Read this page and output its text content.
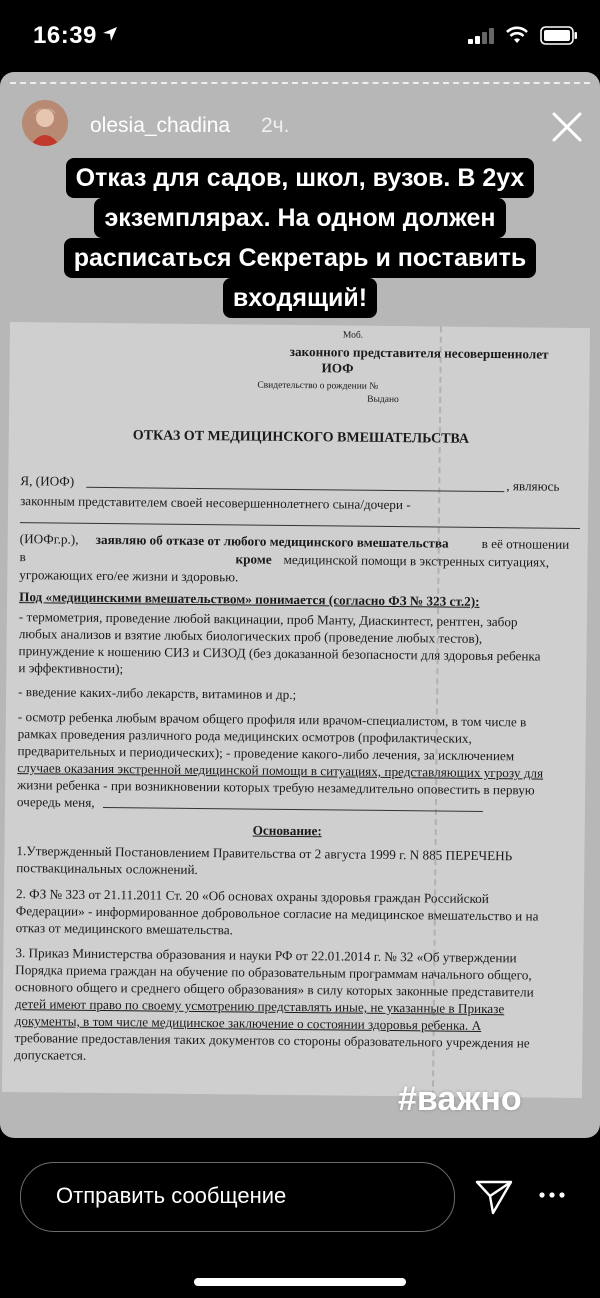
16:39
olesia_chadina 2ч.
Отказ для садов, школ, вузов. В 2ух
экземплярах. На одном должен
расписаться Секретарь и поставить
входящий!
Моб.
законного представителя несовершеннолет
ИОФ
Свидетельство о рождении №
Выдано
ОТКАЗ ОТ МЕДИЦИНСКОГО ВМЕШАТЕЛЬСТВА
Я, (ИОФ)	, являюсь
законным представителем своей несовершеннолетнего сына/дочери -
(ИОФг.р.), заявляю об отказе от любого медицинского вмешательства в её отношении
в	кроме медицинской помощи в экстренных ситуациях,
угрожающих его/ее жизни и здоровью.
Под «медицинскими вмешательством» понимается (согласно ФЗ № 323 ст.2):
- термометрия, проведение любой вакцинации, проб Манту, Диаскинтест, рентген, забор
любых анализов и взятие любых биологических проб (проведение любых тестов),
принуждение к ношению СИЗ и СИЗОД (без доказанной безопасности для здоровья ребенка
и эффективности);
- введение каких-либо лекарств, витаминов и др.;
- осмотр ребенка любым врачом общего профиля или врачом-специалистом, в том числе в
рамках проведения различного рода медицинских осмотров (профилактических,
предварительных и периодических); - проведение какого-либо лечения, за исключением
случаев оказания экстренной медицинской помощи в ситуациях, представляющих угрозу для
жизни ребенка - при возникновении которых требую незамедлительно оповестить в первую
очередь меня,
Основание:
1.Утвержденный Постановлением Правительства от 2 августа 1999 г. N 885 ПЕРЕЧЕНЬ
поствакцинальных осложнений.
2. ФЗ № 323 от 21.11.2011 Ст. 20 «Об основах охраны здоровья граждан Российской
Федерации» - информированное добровольное согласие на медицинское вмешательство и на
отказ от медицинского вмешательства.
3. Приказ Министерства образования и науки РФ от 22.01.2014 г. № 32 «Об утверждении
Порядка приема граждан на обучение по образовательным программам начального общего,
основного общего и среднего общего образования» в силу которых законные представители
детей имеют право по своему усмотрению представлять иные, не указанные в Приказе
документы, в том числе медицинское заключение о состоянии здоровья ребенка. А
требование предоставления таких документов со стороны образовательного учреждения не
допускается.
#важно
Отправить сообщение
